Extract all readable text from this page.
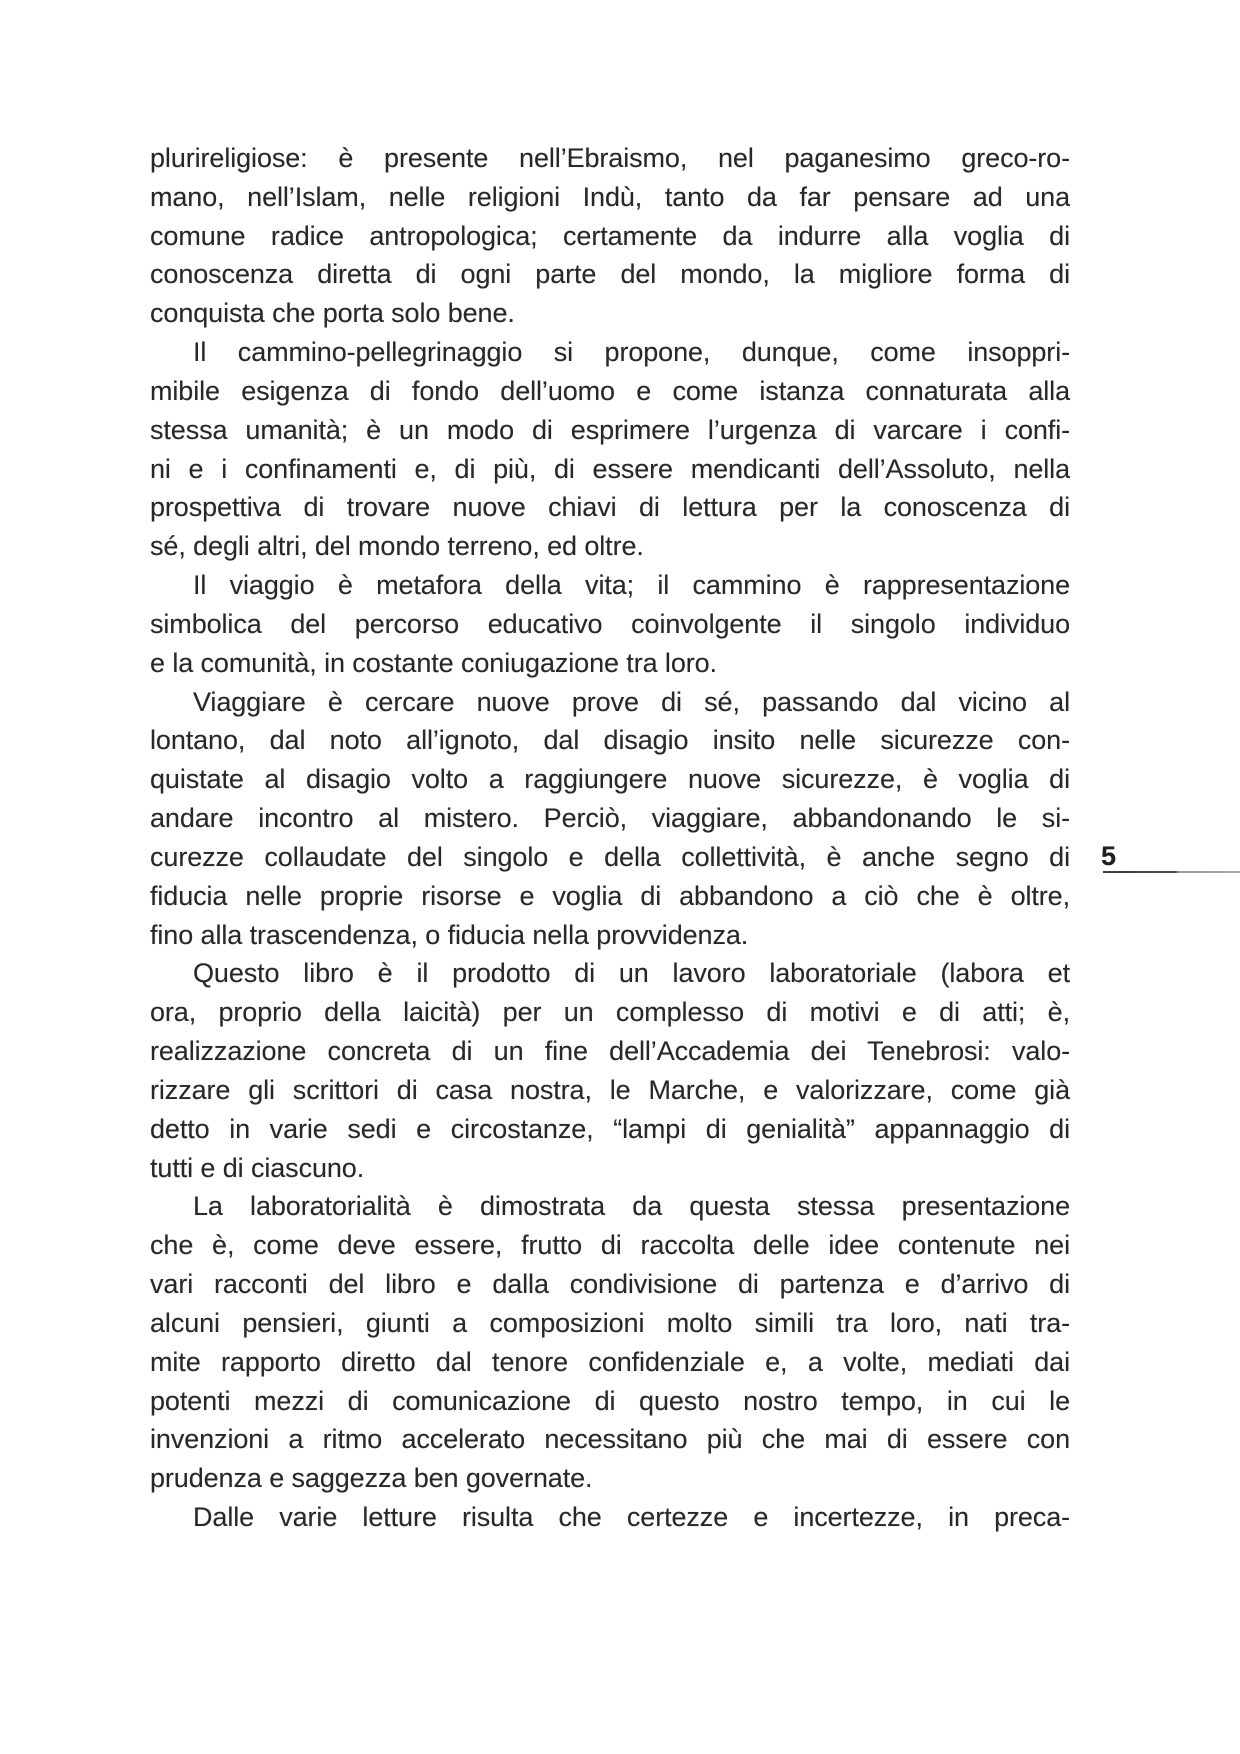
plurireligiose: è presente nell’Ebraismo, nel paganesimo greco-ro-
mano, nell’Islam, nelle religioni Indù, tanto da far pensare ad una
comune radice antropologica; certamente da indurre alla voglia di
conoscenza diretta di ogni parte del mondo, la migliore forma di
conquista che porta solo bene.
Il cammino-pellegrinaggio si propone, dunque, come insoppri-
mibile esigenza di fondo dell’uomo e come istanza connaturata alla
stessa umanità; è un modo di esprimere l’urgenza di varcare i confi-
ni e i confinamenti e, di più, di essere mendicanti dell’Assoluto, nella
prospettiva di trovare nuove chiavi di lettura per la conoscenza di
sé, degli altri, del mondo terreno, ed oltre.
Il viaggio è metafora della vita; il cammino è rappresentazione
simbolica del percorso educativo coinvolgente il singolo individuo
e la comunità, in costante coniugazione tra loro.
Viaggiare è cercare nuove prove di sé, passando dal vicino al
lontano, dal noto all’ignoto, dal disagio insito nelle sicurezze con-
quistate al disagio volto a raggiungere nuove sicurezze, è voglia di
andare incontro al mistero. Perciò, viaggiare, abbandonando le si-
curezze collaudate del singolo e della collettività, è anche segno di
fiducia nelle proprie risorse e voglia di abbandono a ciò che è oltre,
fino alla trascendenza, o fiducia nella provvidenza.
Questo libro è il prodotto di un lavoro laboratoriale (labora et
ora, proprio della laicità) per un complesso di motivi e di atti; è,
realizzazione concreta di un fine dell’Accademia dei Tenebrosi: valo-
rizzare gli scrittori di casa nostra, le Marche, e valorizzare, come già
detto in varie sedi e circostanze, “lampi di genialità” appannaggio di
tutti e di ciascuno.
La laboratorialità è dimostrata da questa stessa presentazione
che è, come deve essere, frutto di raccolta delle idee contenute nei
vari racconti del libro e dalla condivisione di partenza e d’arrivo di
alcuni pensieri, giunti a composizioni molto simili tra loro, nati tra-
mite rapporto diretto dal tenore confidenziale e, a volte, mediati dai
potenti mezzi di comunicazione di questo nostro tempo, in cui le
invenzioni a ritmo accelerato necessitano più che mai di essere con
prudenza e saggezza ben governate.
Dalle varie letture risulta che certezze e incertezze, in preca-
5
